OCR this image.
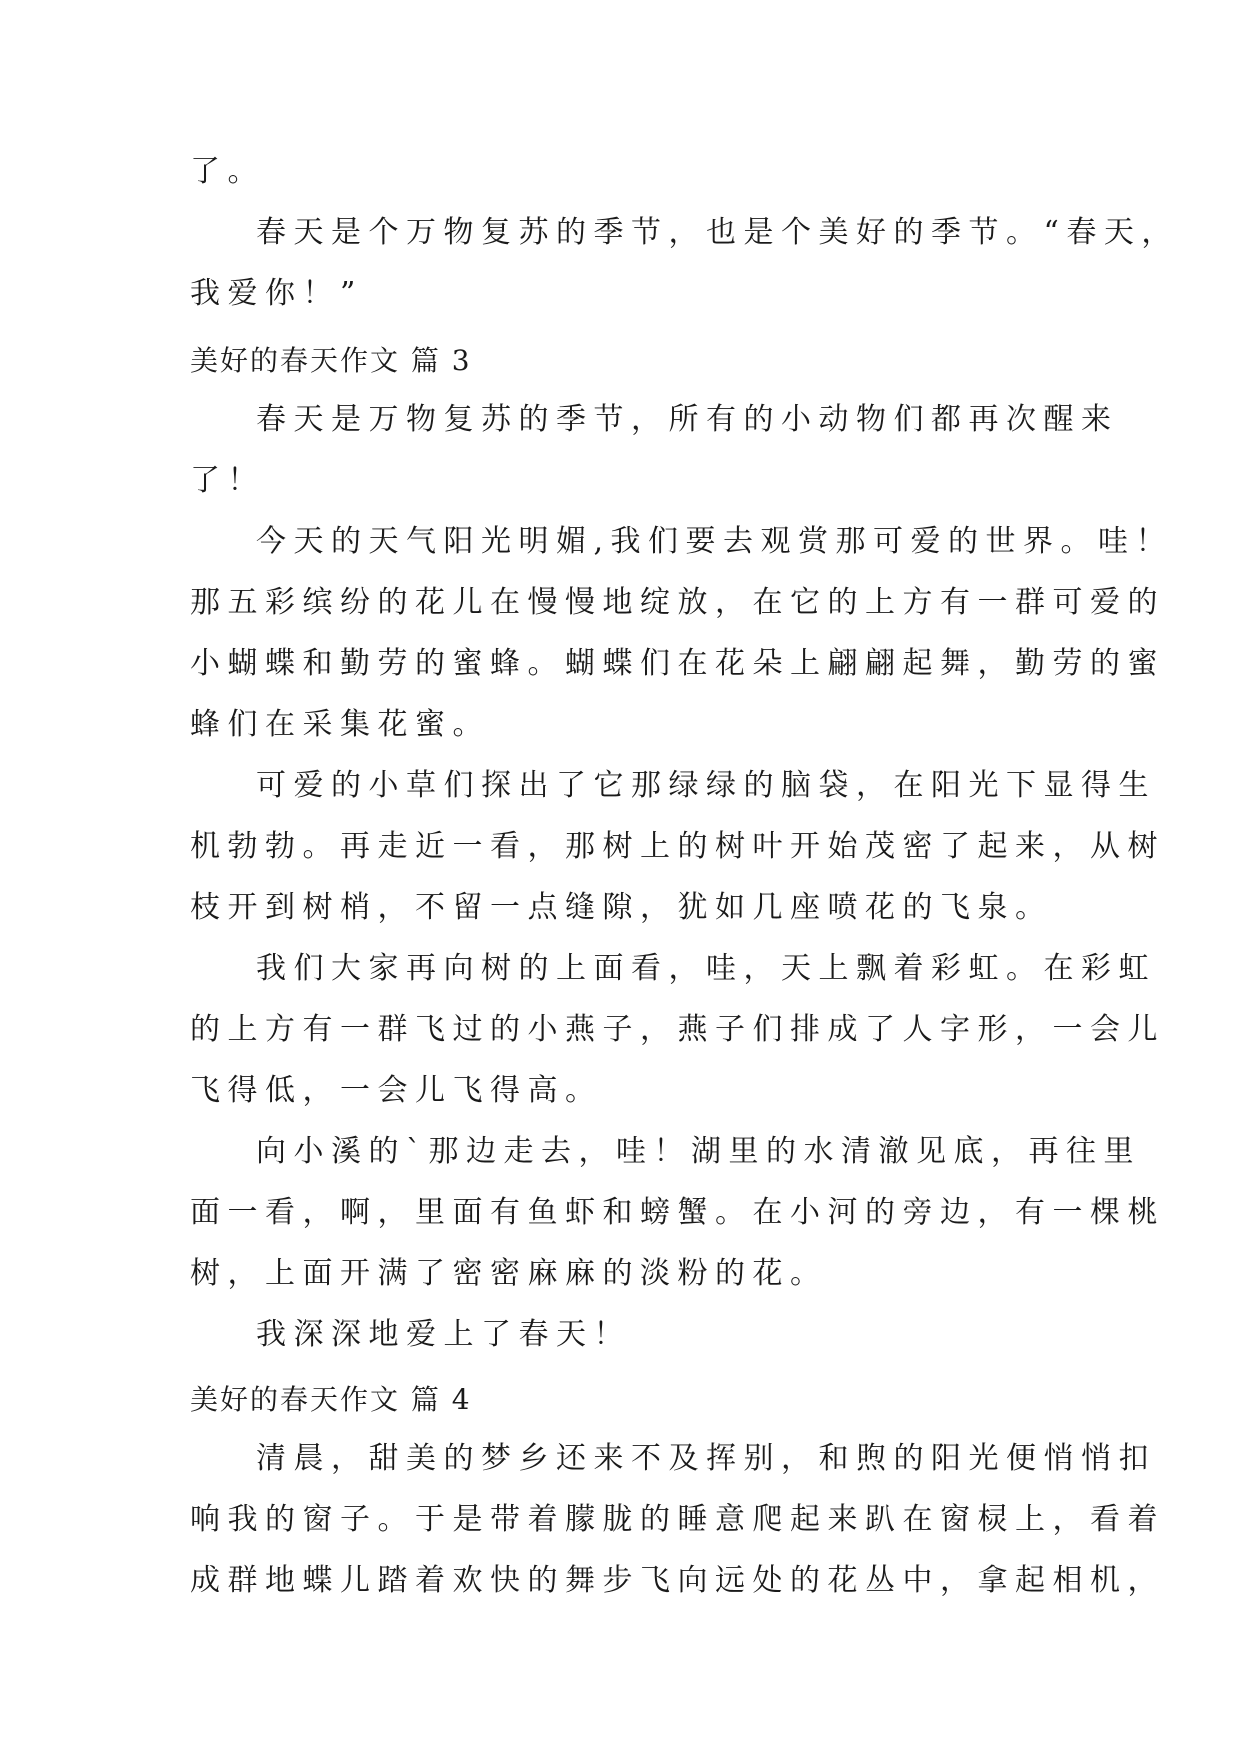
了。
春天是个万物复苏的季节，也是个美好的季节。“春天，
我爱你！”
美好的春天作文 篇 3
春天是万物复苏的季节，所有的小动物们都再次醒来
了！
今天的天气阳光明媚,我们要去观赏那可爱的世界。哇！
那五彩缤纷的花儿在慢慢地绽放，在它的上方有一群可爱的
小蝴蝶和勤劳的蜜蜂。蝴蝶们在花朵上翩翩起舞，勤劳的蜜
蜂们在采集花蜜。
可爱的小草们探出了它那绿绿的脑袋，在阳光下显得生
机勃勃。再走近一看，那树上的树叶开始茂密了起来，从树
枝开到树梢，不留一点缝隙，犹如几座喷花的飞泉。
我们大家再向树的上面看，哇，天上飘着彩虹。在彩虹
的上方有一群飞过的小燕子，燕子们排成了人字形，一会儿
飞得低，一会儿飞得高。
向小溪的`那边走去，哇！湖里的水清澈见底，再往里
面一看，啊，里面有鱼虾和螃蟹。在小河的旁边，有一棵桃
树，上面开满了密密麻麻的淡粉的花。
我深深地爱上了春天！
美好的春天作文 篇 4
清晨，甜美的梦乡还来不及挥别，和煦的阳光便悄悄扣
响我的窗子。于是带着朦胧的睡意爬起来趴在窗棂上，看着
成群地蝶儿踏着欢快的舞步飞向远处的花丛中，拿起相机，
